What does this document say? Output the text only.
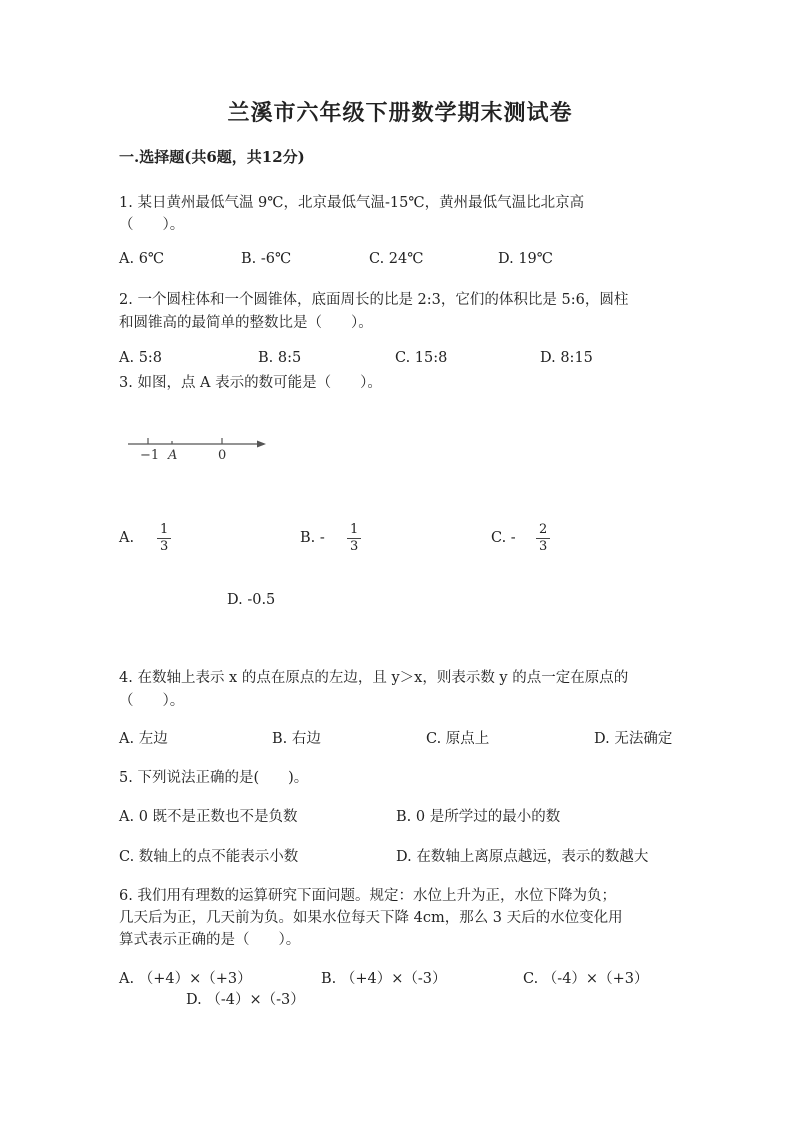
兰溪市六年级下册数学期末测试卷
一.选择题(共6题，共12分)
1. 某日黄州最低气温 9℃，北京最低气温-15℃，黄州最低气温比北京高
（　　）。
A. 6℃	B. -6℃	C. 24℃	D. 19℃
2. 一个圆柱体和一个圆锥体，底面周长的比是 2:3，它们的体积比是 5:6，圆柱
和圆锥高的最简单的整数比是（　　）。
A. 5:8	B. 8:5	C. 15:8	D. 8:15
3. 如图，点 A 表示的数可能是（　　）。
−1 A	0
A. $\frac{1}{3}$	B. - $\frac{1}{3}$	C. - $\frac{2}{3}$
D. -0.5
4. 在数轴上表示 x 的点在原点的左边，且 y＞x，则表示数 y 的点一定在原点的
（　　）。
A. 左边	B. 右边	C. 原点上	D. 无法确定
5. 下列说法正确的是(　　)。
A. 0 既不是正数也不是负数	B. 0 是所学过的最小的数
C. 数轴上的点不能表示小数	D. 在数轴上离原点越远，表示的数越大
6. 我们用有理数的运算研究下面问题。规定：水位上升为正，水位下降为负；
几天后为正，几天前为负。如果水位每天下降 4cm，那么 3 天后的水位变化用
算式表示正确的是（　　）。
A. （+4）×（+3）	B. （+4）×（-3）	C. （-4）×（+3）
D. （-4）×（-3）
